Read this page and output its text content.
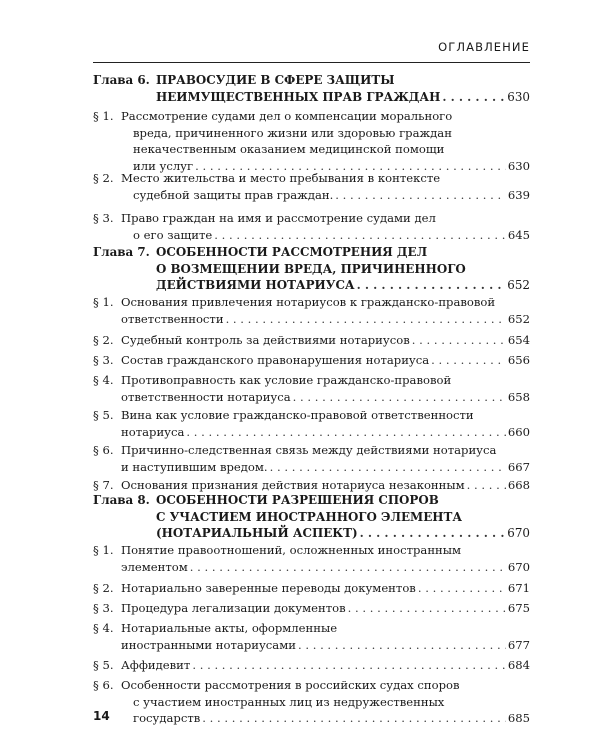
ОГЛАВЛЕНИЕ
Глава 6. ПРАВОСУДИЕ В СФЕРЕ ЗАЩИТЫ
НЕИМУЩЕСТВЕННЫХ ПРАВ ГРАЖДАН . . .	630
§ 1. Рассмотрение судами дел о компенсации морального
вреда, причиненного жизни или здоровью граждан
некачественным оказанием медицинской помощи
или услуг . . .	630
§ 2. Место жительства и место пребывания в контексте
судебной защиты прав граждан. . . .	639
§ 3. Право граждан на имя и рассмотрение судами дел
о его защите . . .	645
Глава 7. ОСОБЕННОСТИ РАССМОТРЕНИЯ ДЕЛ
О ВОЗМЕЩЕНИИ ВРЕДА, ПРИЧИНЕННОГО
ДЕЙСТВИЯМИ НОТАРИУСА . . .	652
§ 1. Основания привлечения нотариусов к гражданско-правовой
ответственности . . .	652
§ 2. Судебный контроль за действиями нотариусов . . .	654
§ 3. Состав гражданского правонарушения нотариуса . . .	656
§ 4. Противоправность как условие гражданско-правовой
ответственности нотариуса . . .	658
§ 5. Вина как условие гражданско-правовой ответственности
нотариуса . . .	660
§ 6. Причинно-следственная связь между действиями нотариуса
и наступившим вредом. . . .	667
§ 7. Основания признания действия нотариуса незаконным . . .	668
Глава 8. ОСОБЕННОСТИ РАЗРЕШЕНИЯ СПОРОВ
С УЧАСТИЕМ ИНОСТРАННОГО ЭЛЕМЕНТА
(НОТАРИАЛЬНЫЙ АСПЕКТ) . . .	670
§ 1. Понятие правоотношений, осложненных иностранным
элементом . . .	670
§ 2. Нотариально заверенные переводы документов . . .	671
§ 3. Процедура легализации документов . . .	675
§ 4. Нотариальные акты, оформленные
иностранными нотариусами . . .	677
§ 5. Аффидевит . . .	684
§ 6. Особенности рассмотрения в российских судах споров
с участием иностранных лиц из недружественных
государств . . .	685
14
